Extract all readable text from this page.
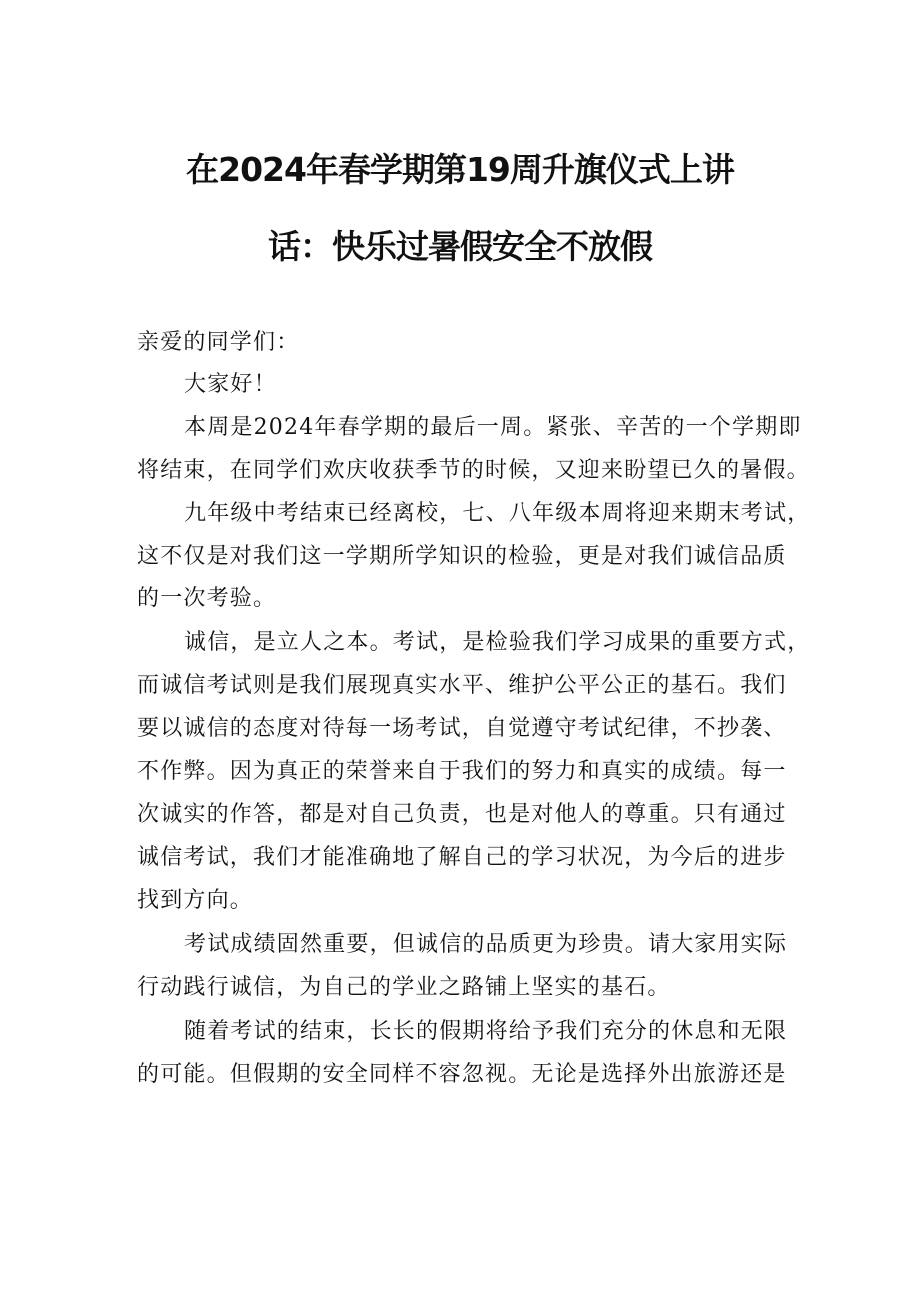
在2024年春学期第19周升旗仪式上讲
话：快乐过暑假安全不放假
亲爱的同学们：
大家好！
本周是2024年春学期的最后一周。紧张、辛苦的一个学期即
将结束，在同学们欢庆收获季节的时候，又迎来盼望已久的暑假。
九年级中考结束已经离校，七、八年级本周将迎来期末考试，
这不仅是对我们这一学期所学知识的检验，更是对我们诚信品质
的一次考验。
诚信，是立人之本。考试，是检验我们学习成果的重要方式，
而诚信考试则是我们展现真实水平、维护公平公正的基石。我们
要以诚信的态度对待每一场考试，自觉遵守考试纪律，不抄袭、
不作弊。因为真正的荣誉来自于我们的努力和真实的成绩。每一
次诚实的作答，都是对自己负责，也是对他人的尊重。只有通过
诚信考试，我们才能准确地了解自己的学习状况，为今后的进步
找到方向。
考试成绩固然重要，但诚信的品质更为珍贵。请大家用实际
行动践行诚信，为自己的学业之路铺上坚实的基石。
随着考试的结束，长长的假期将给予我们充分的休息和无限
的可能。但假期的安全同样不容忽视。无论是选择外出旅游还是
